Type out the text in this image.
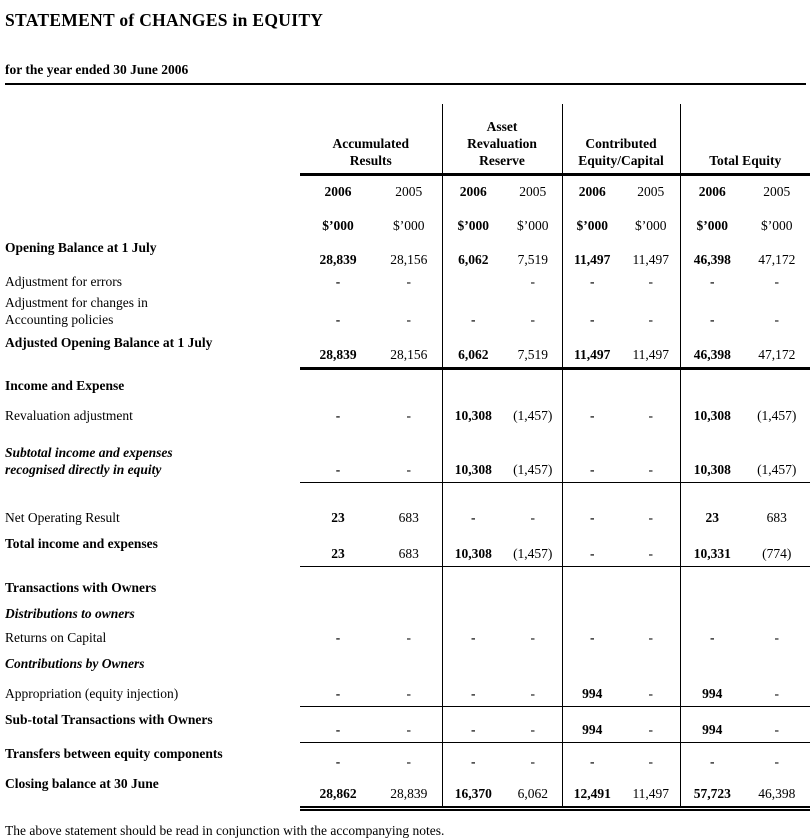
STATEMENT of CHANGES in EQUITY
for the year ended 30 June 2006

	Accumulated Results		Asset Revaluation Reserve		Contributed Equity/Capital		Total Equity	

	2006	2005	2006	2005	2006	2005	2006	2005
	$’000	$’000	$’000	$’000	$’000	$’000	$’000	$’000

Opening Balance at 1 July	28,839	28,156	6,062	7,519	11,497	11,497	46,398	47,172

Adjustment for errors	-	-		-	-	-	-	-

Adjustment for changes in
Accounting policies	-	-	-	-	-	-	-	-

Adjusted Opening Balance at 1 July	28,839	28,156	6,062	7,519	11,497	11,497	46,398	47,172

Income and Expense								

Revaluation adjustment	-	-	10,308	(1,457)	-	-	10,308	(1,457)

Subtotal income and expenses
recognised directly in equity	-	-	10,308	(1,457)	-	-	10,308	(1,457)

Net Operating Result	23	683	-	-	-	-	23	683

Total income and expenses	23	683	10,308	(1,457)	-	-	10,331	(774)

Transactions with Owners								

Distributions to owners								

Returns on Capital	-	-	-	-	-	-	-	-

Contributions by Owners								

Appropriation (equity injection)	-	-	-	-	994	-	994	-

Sub-total Transactions with Owners	-	-	-	-	994	-	994	-

Transfers between equity components	-	-	-	-	-	-	-	-

Closing balance at 30 June	28,862	28,839	16,370	6,062	12,491	11,497	57,723	46,398
The above statement should be read in conjunction with the accompanying notes.
